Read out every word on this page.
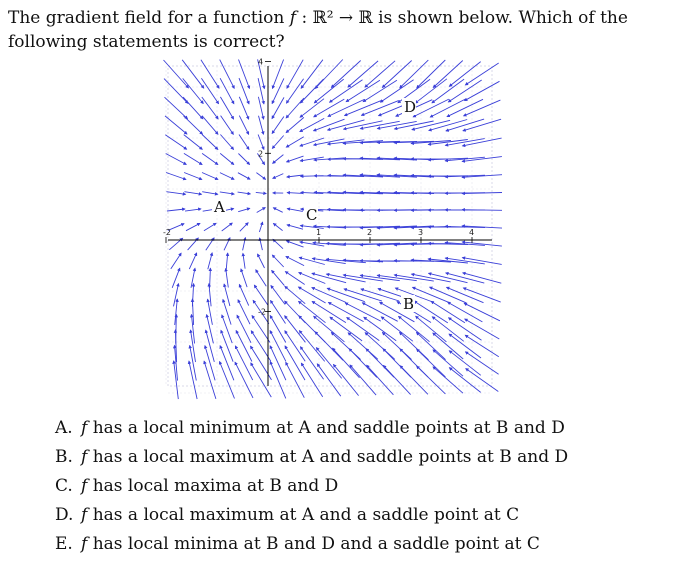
The gradient field for a function f : ℝ² → ℝ is shown below. Which of the following statements is correct?
-2	1	2	3	4
4
2
-2
A	C
D
B
A. f has a local minimum at A and saddle points at B and D
B. f has a local maximum at A and saddle points at B and D
C. f has local maxima at B and D
D. f has a local maximum at A and a saddle point at C
E. f has local minima at B and D and a saddle point at C
